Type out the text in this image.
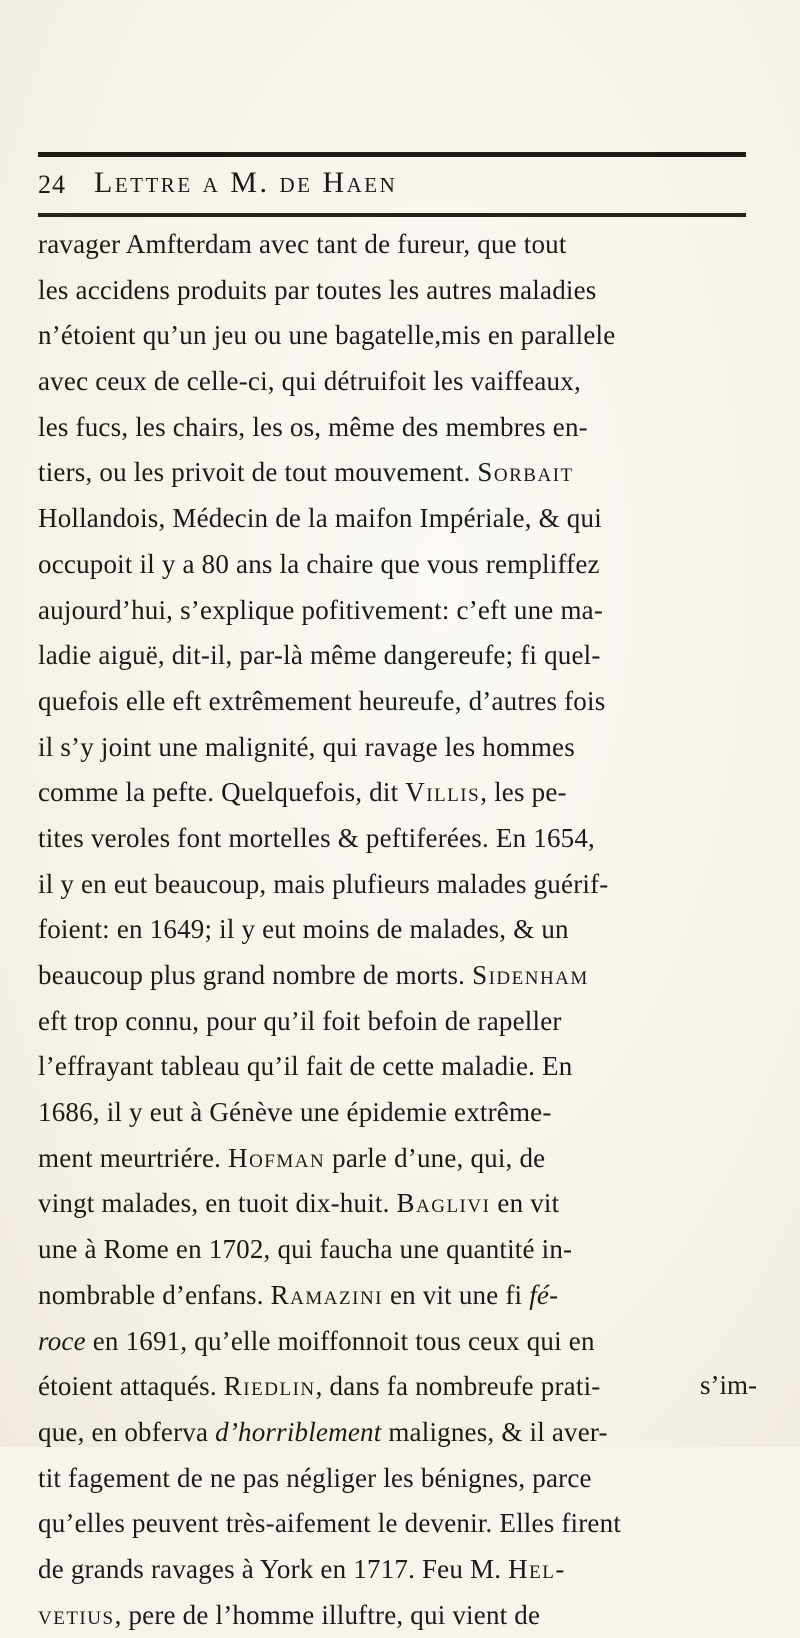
24 Lettre a M. de Haen
ravager Amfterdam avec tant de fureur, que tout
les accidens produits par toutes les autres maladies
n’étoient qu’un jeu ou une bagatelle,mis en parallele
avec ceux de celle-ci, qui détruifoit les vaiffeaux,
les fucs, les chairs, les os, même des membres en-
tiers, ou les privoit de tout mouvement. Sorbait
Hollandois, Médecin de la maifon Impériale, & qui
occupoit il y a 80 ans la chaire que vous rempliffez
aujourd’hui, s’explique pofitivement: c’eft une ma-
ladie aiguë, dit-il, par-là même dangereufe; fi quel-
quefois elle eft extrêmement heureufe, d’autres fois
il s’y joint une malignité, qui ravage les hommes
comme la pefte. Quelquefois, dit Villis, les pe-
tites veroles font mortelles & peftiferées. En 1654,
il y en eut beaucoup, mais plufieurs malades guérif-
foient: en 1649; il y eut moins de malades, & un
beaucoup plus grand nombre de morts. Sidenham
eft trop connu, pour qu’il foit befoin de rapeller
l’effrayant tableau qu’il fait de cette maladie. En
1686, il y eut à Génève une épidemie extrême-
ment meurtriére. Hofman parle d’une, qui, de
vingt malades, en tuoit dix-huit. Baglivi en vit
une à Rome en 1702, qui faucha une quantité in-
nombrable d’enfans. Ramazini en vit une fi fé-
roce en 1691, qu’elle moiffonnoit tous ceux qui en
étoient attaqués. Riedlin, dans fa nombreufe prati-
que, en obferva d’horriblement malignes, & il aver-
tit fagement de ne pas négliger les bénignes, parce
qu’elles peuvent très-aifement le devenir. Elles firent
de grands ravages à York en 1717. Feu M. Hel-
vetius, pere de l’homme illuftre, qui vient de
s’im-
